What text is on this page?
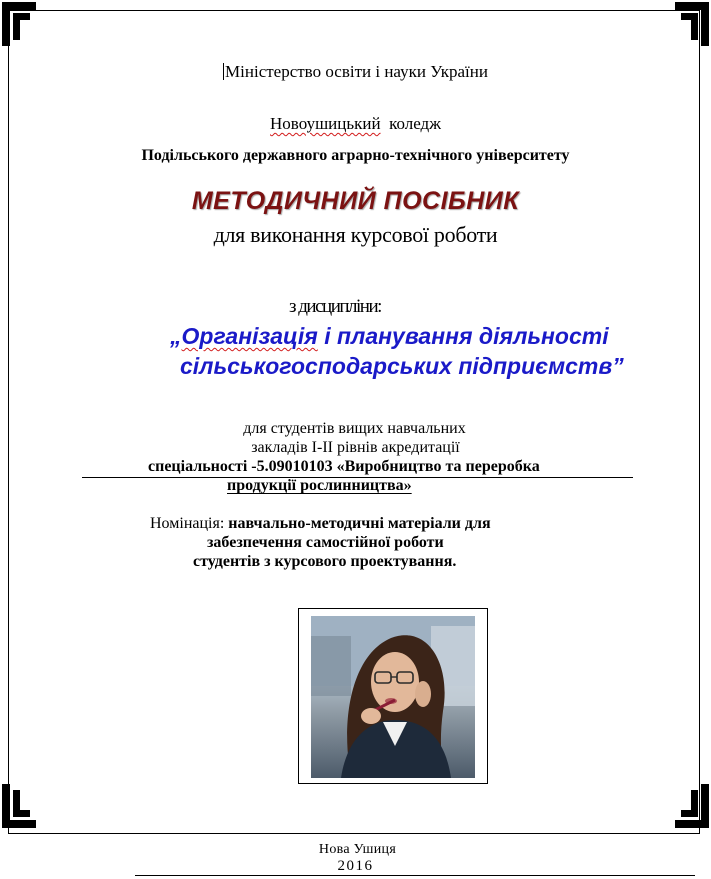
Міністерство освіти і науки України
Новоушицький коледж
Подільського державного аграрно-технічного університету
МЕТОДИЧНИЙ ПОСІБНИК
для виконання курсової роботи
з дисципліни:
„Організація і планування діяльності
сільськогосподарських підприємств”
для студентів вищих навчальних
закладів І-ІІ рівнів акредитації
спеціальності -5.09010103 «Виробництво та переробка
продукції рослинництва»
Номінація: навчально-методичні матеріали для
забезпечення самостійної роботи
студентів з курсового проектування.
Нова Ушиця
2016
